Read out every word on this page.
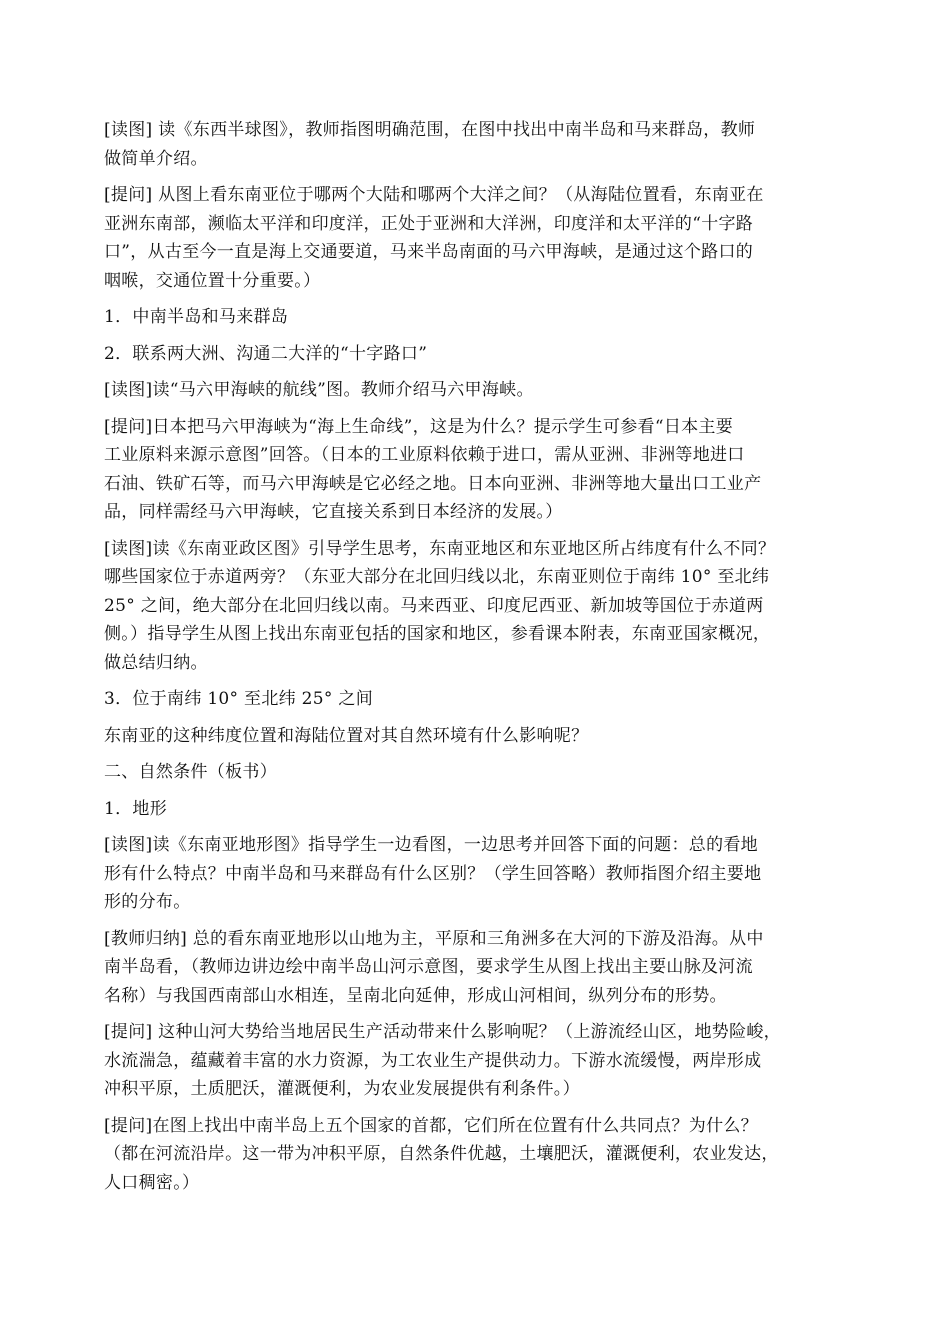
[读图] 读《东西半球图》，教师指图明确范围，在图中找出中南半岛和马来群岛，教师
做简单介绍。

[提问] 从图上看东南亚位于哪两个大陆和哪两个大洋之间？（从海陆位置看，东南亚在
亚洲东南部，濒临太平洋和印度洋，正处于亚洲和大洋洲，印度洋和太平洋的“十字路
口”，从古至今一直是海上交通要道，马来半岛南面的马六甲海峡，是通过这个路口的
咽喉，交通位置十分重要。）

1．中南半岛和马来群岛

2．联系两大洲、沟通二大洋的“十字路口”

[读图]读“马六甲海峡的航线”图。教师介绍马六甲海峡。

[提问]日本把马六甲海峡为“海上生命线”，这是为什么？提示学生可参看“日本主要
工业原料来源示意图”回答。（日本的工业原料依赖于进口，需从亚洲、非洲等地进口
石油、铁矿石等，而马六甲海峡是它必经之地。日本向亚洲、非洲等地大量出口工业产
品，同样需经马六甲海峡，它直接关系到日本经济的发展。）

[读图]读《东南亚政区图》引导学生思考，东南亚地区和东亚地区所占纬度有什么不同？
哪些国家位于赤道两旁？（东亚大部分在北回归线以北，东南亚则位于南纬 10° 至北纬
25° 之间，绝大部分在北回归线以南。马来西亚、印度尼西亚、新加坡等国位于赤道两
侧。）指导学生从图上找出东南亚包括的国家和地区，参看课本附表，东南亚国家概况，
做总结归纳。

3．位于南纬 10° 至北纬 25° 之间

东南亚的这种纬度位置和海陆位置对其自然环境有什么影响呢？

二、自然条件（板书）

1．地形

[读图]读《东南亚地形图》指导学生一边看图，一边思考并回答下面的问题：总的看地
形有什么特点？中南半岛和马来群岛有什么区别？（学生回答略）教师指图介绍主要地
形的分布。

[教师归纳] 总的看东南亚地形以山地为主，平原和三角洲多在大河的下游及沿海。从中
南半岛看，（教师边讲边绘中南半岛山河示意图，要求学生从图上找出主要山脉及河流
名称）与我国西南部山水相连，呈南北向延伸，形成山河相间，纵列分布的形势。

[提问] 这种山河大势给当地居民生产活动带来什么影响呢？（上游流经山区，地势险峻，
水流湍急，蕴藏着丰富的水力资源，为工农业生产提供动力。下游水流缓慢，两岸形成
冲积平原，土质肥沃，灌溉便利，为农业发展提供有利条件。）

[提问]在图上找出中南半岛上五个国家的首都，它们所在位置有什么共同点？为什么？
（都在河流沿岸。这一带为冲积平原，自然条件优越，土壤肥沃，灌溉便利，农业发达，
人口稠密。）
